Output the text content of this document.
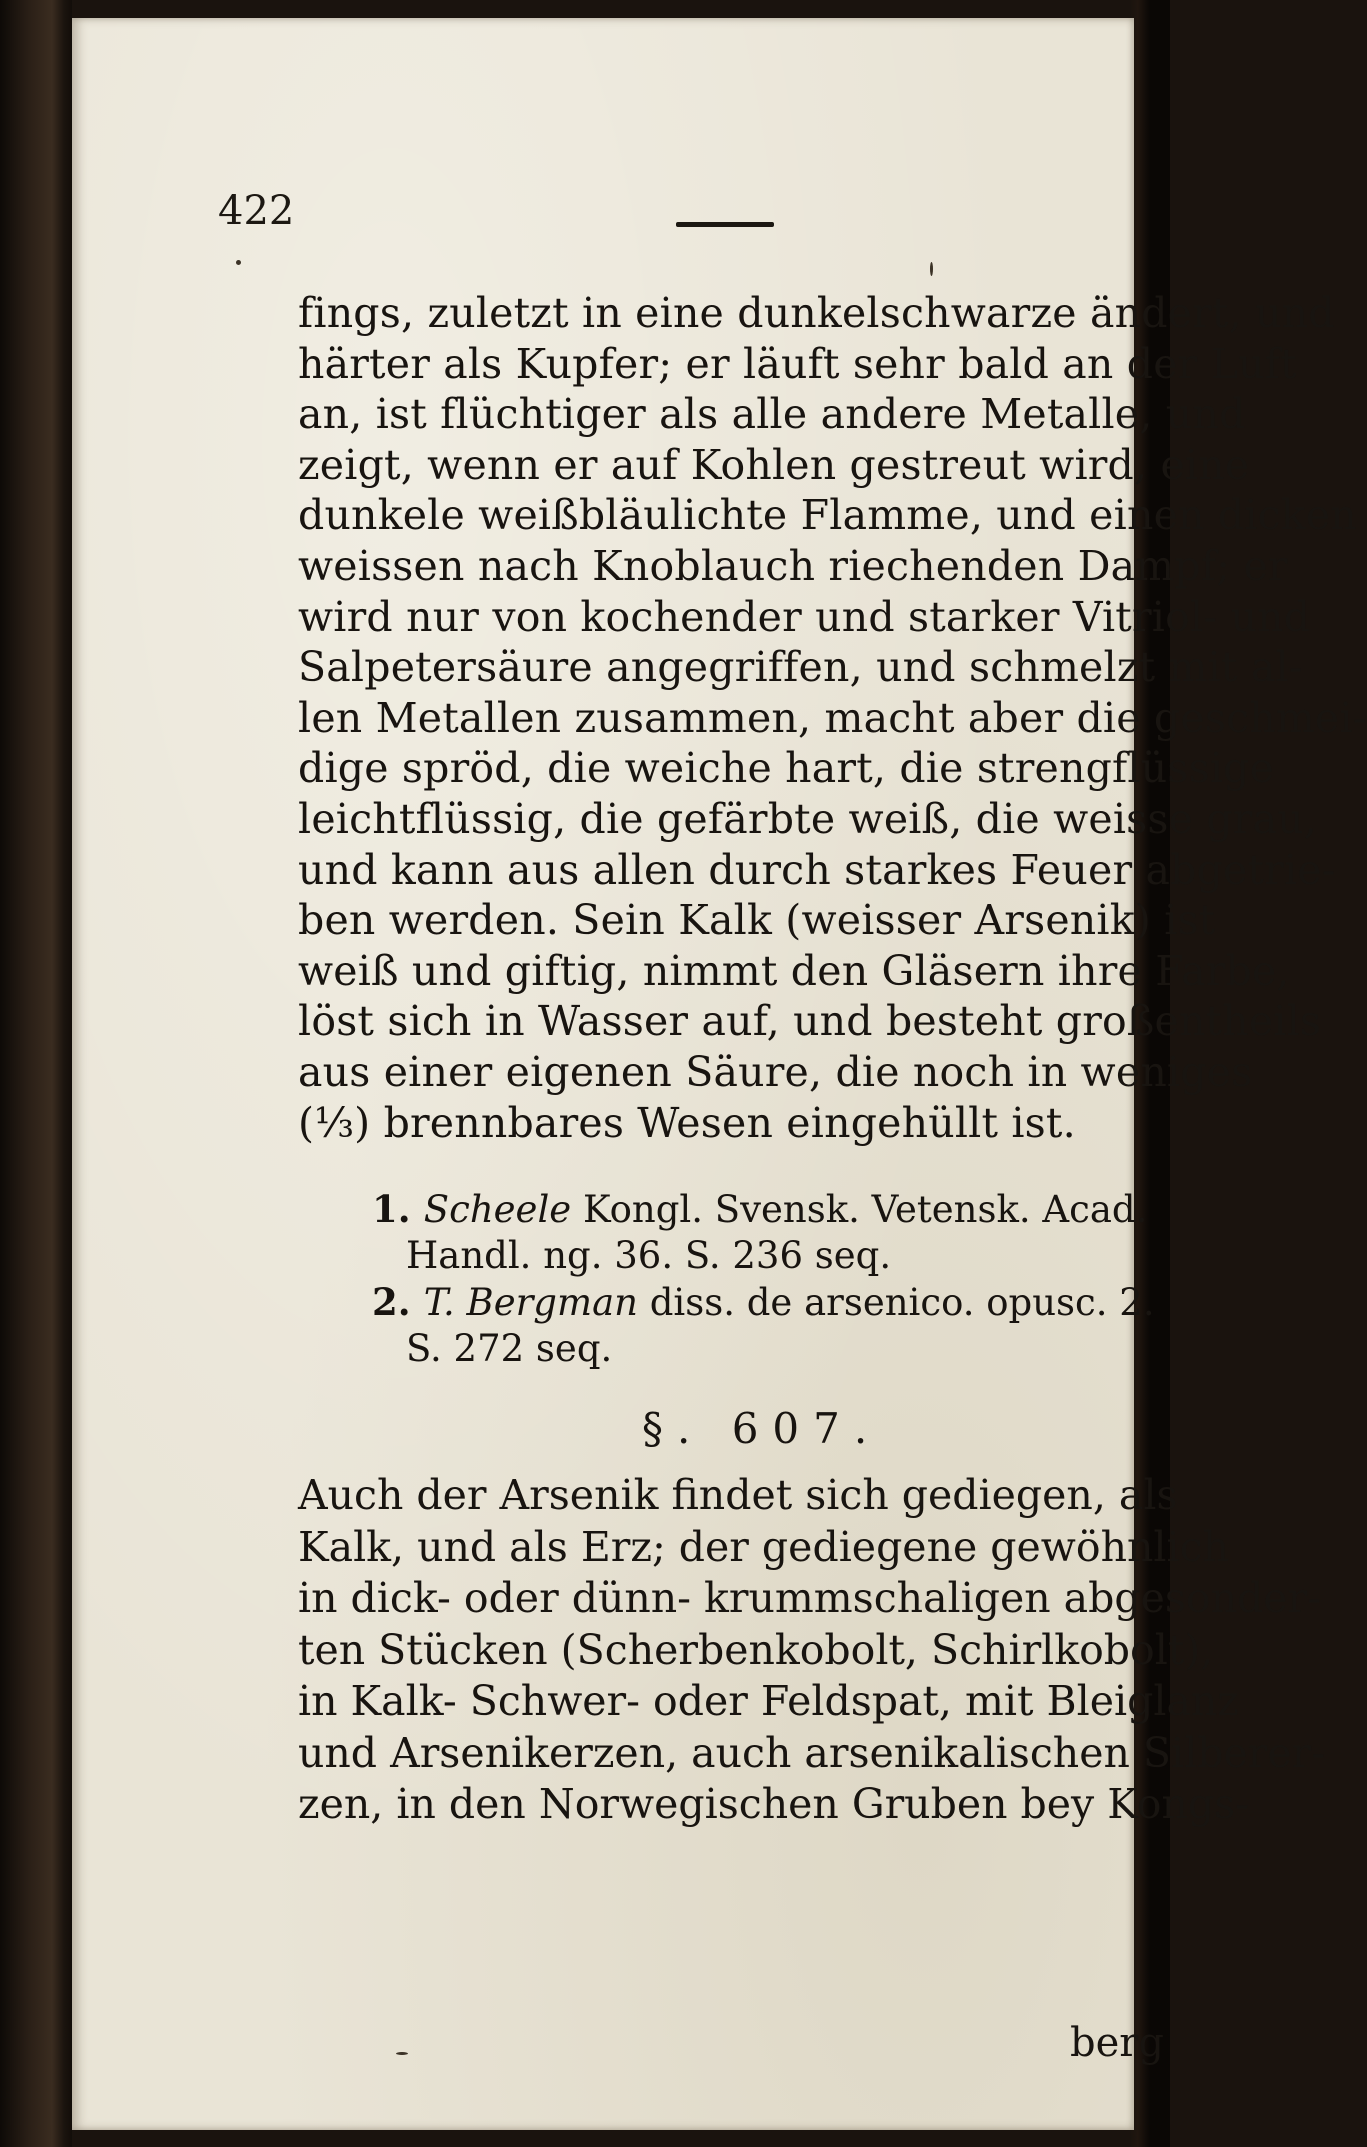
422
fings, zuletzt in eine dunkelschwarze ändert, und
härter als Kupfer; er läuft sehr bald an der Luft
an, ist flüchtiger als alle andere Metalle, und
zeigt, wenn er auf Kohlen gestreut wird, eine
dunkele weißbläulichte Flamme, und einen dicken
weissen nach Knoblauch riechenden Dampf; er
wird nur von kochender und starker Vitriol- und
Salpetersäure angegriffen, und schmelzt mit al-
len Metallen zusammen, macht aber die geschmei-
dige spröd, die weiche hart, die strengflüssige
leichtflüssig, die gefärbte weiß, die weisse grau,
und kann aus allen durch starkes Feuer abgetrie-
ben werden. Sein Kalk (weisser Arsenik) ist
weiß und giftig, nimmt den Gläsern ihre Farbe,
löst sich in Wasser auf, und besteht großentheils
aus einer eigenen Säure, die noch in weniges
(⅓) brennbares Wesen eingehüllt ist.
1. Scheele Kongl. Svensk. Vetensk. Acad.
Handl. ng. 36. S. 236 seq.
2. T. Bergman diss. de arsenico. opusc. 2.
S. 272 seq.
§. 607.
Auch der Arsenik findet sich gediegen, als
Kalk, und als Erz; der gediegene gewöhnlich
in dick- oder dünn- krummschaligen abgesonder-
ten Stücken (Scherbenkobolt, Schirlkobolt),
in Kalk- Schwer- oder Feldspat, mit Bleiglanz
und Arsenikerzen, auch arsenikalischen Silberer-
zen, in den Norwegischen Gruben bey Kongs-
berg
